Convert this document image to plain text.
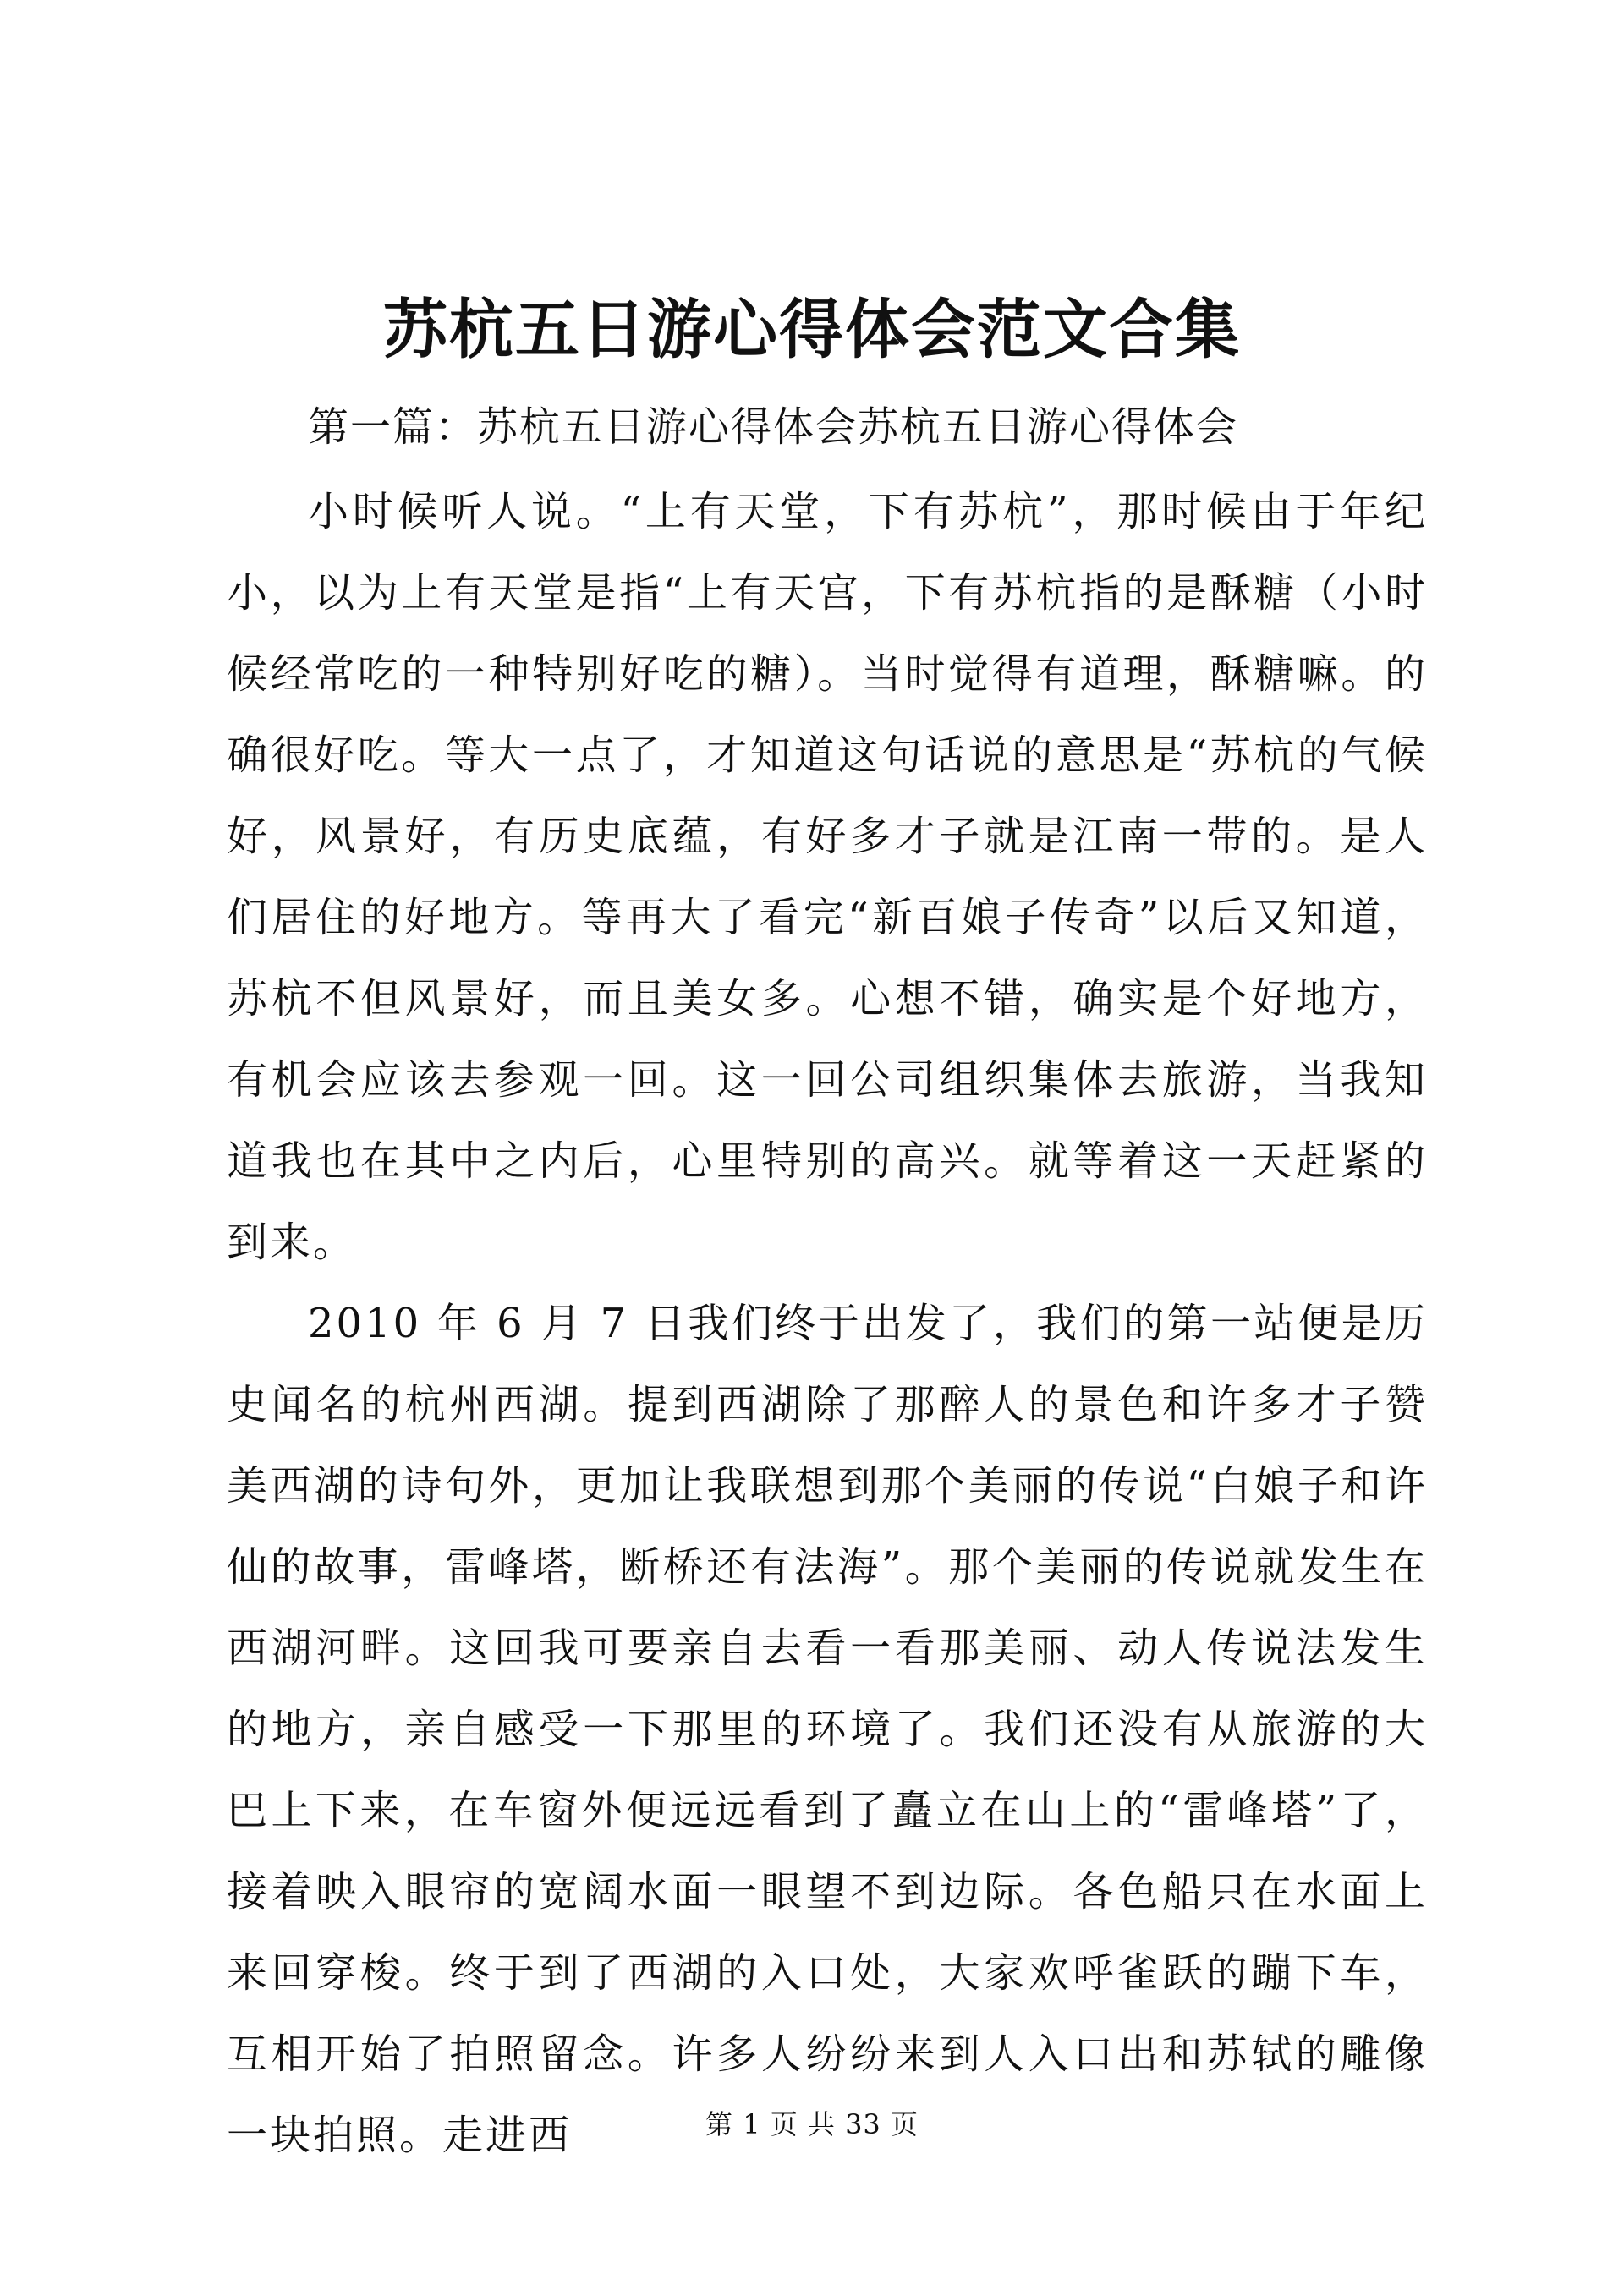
苏杭五日游心得体会范文合集

第一篇：苏杭五日游心得体会苏杭五日游心得体会

小时候听人说。“上有天堂，下有苏杭”，那时候由于年纪小，以为上有天堂是指“上有天宫，下有苏杭指的是酥糖（小时候经常吃的一种特别好吃的糖）。当时觉得有道理，酥糖嘛。的确很好吃。等大一点了，才知道这句话说的意思是“苏杭的气候好，风景好，有历史底蕴，有好多才子就是江南一带的。是人们居住的好地方。等再大了看完“新百娘子传奇”以后又知道，苏杭不但风景好，而且美女多。心想不错，确实是个好地方，有机会应该去参观一回。这一回公司组织集体去旅游，当我知道我也在其中之内后，心里特别的高兴。就等着这一天赶紧的到来。

2010 年 6 月 7 日我们终于出发了，我们的第一站便是历史闻名的杭州西湖。提到西湖除了那醉人的景色和许多才子赞美西湖的诗句外，更加让我联想到那个美丽的传说“白娘子和许仙的故事，雷峰塔，断桥还有法海”。那个美丽的传说就发生在西湖河畔。这回我可要亲自去看一看那美丽、动人传说法发生的地方，亲自感受一下那里的环境了。我们还没有从旅游的大巴上下来，在车窗外便远远看到了矗立在山上的“雷峰塔”了，接着映入眼帘的宽阔水面一眼望不到边际。各色船只在水面上来回穿梭。终于到了西湖的入口处，大家欢呼雀跃的蹦下车，互相开始了拍照留念。许多人纷纷来到人入口出和苏轼的雕像一块拍照。走进西	第 1 页 共 33 页
